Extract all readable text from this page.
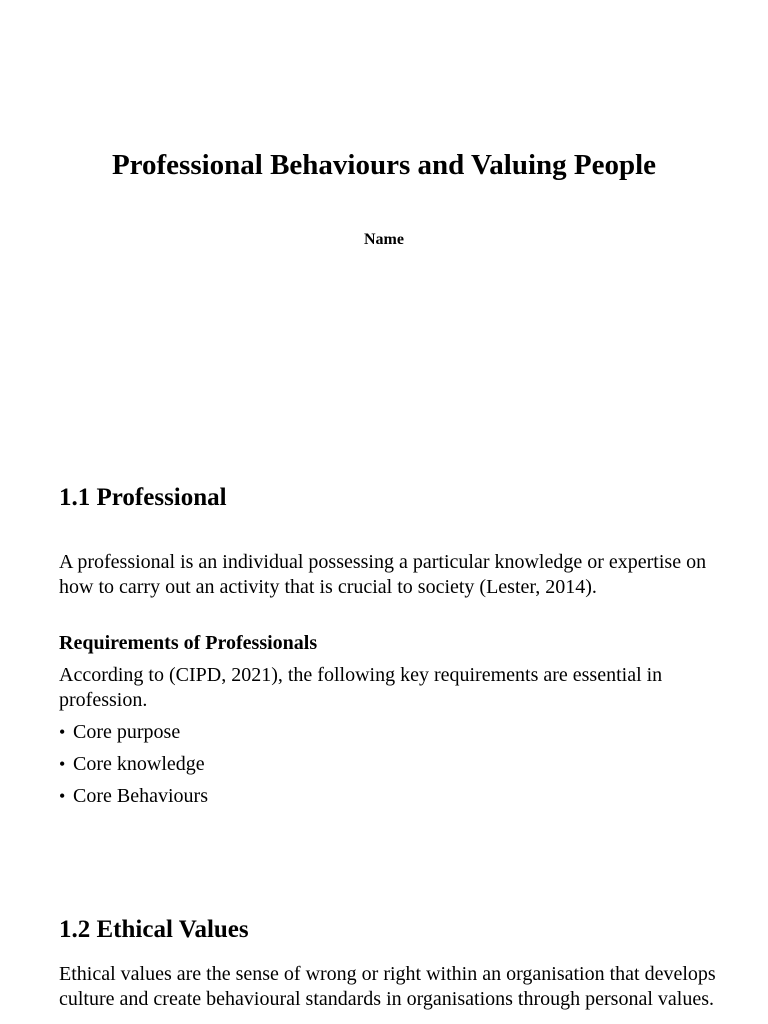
Professional Behaviours and Valuing People

Name

1.1 Professional

A professional is an individual possessing a particular knowledge or expertise on how to carry out an activity that is crucial to society (Lester, 2014).

Requirements of Professionals

According to (CIPD, 2021), the following key requirements are essential in profession.

• Core purpose
• Core knowledge
• Core Behaviours
1.2 Ethical Values

Ethical values are the sense of wrong or right within an organisation that develops culture and create behavioural standards in organisations through personal values.
